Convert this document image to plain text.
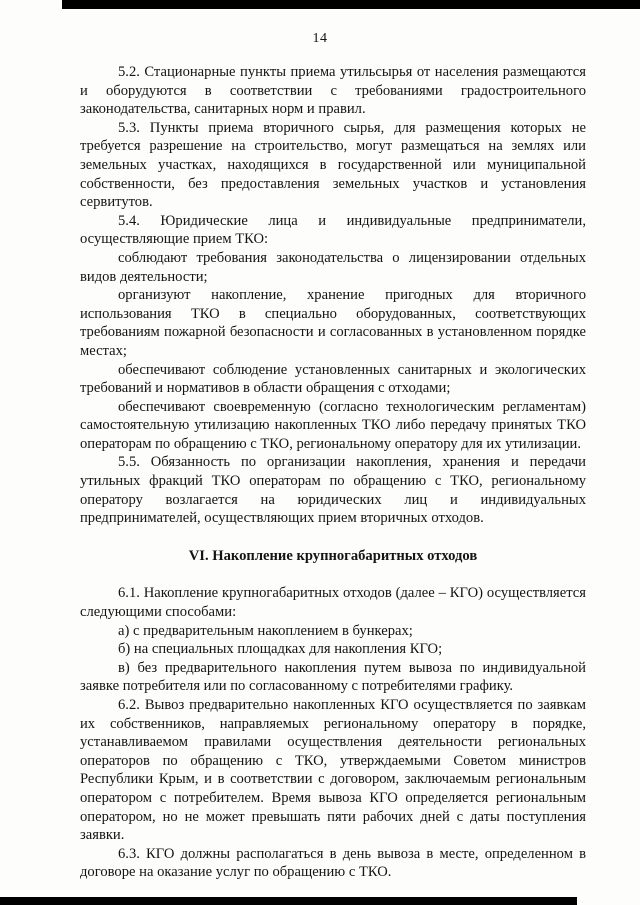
14

5.2. Стационарные пункты приема утильсырья от населения размещаются и оборудуются в соответствии с требованиями градостроительного законодательства, санитарных норм и правил.

5.3. Пункты приема вторичного сырья, для размещения которых не требуется разрешение на строительство, могут размещаться на землях или земельных участках, находящихся в государственной или муниципальной собственности, без предоставления земельных участков и установления сервитутов.

5.4. Юридические лица и индивидуальные предприниматели, осуществляющие прием ТКО:

соблюдают требования законодательства о лицензировании отдельных видов деятельности;

организуют накопление, хранение пригодных для вторичного использования ТКО в специально оборудованных, соответствующих требованиям пожарной безопасности и согласованных в установленном порядке местах;

обеспечивают соблюдение установленных санитарных и экологических требований и нормативов в области обращения с отходами;

обеспечивают своевременную (согласно технологическим регламентам) самостоятельную утилизацию накопленных ТКО либо передачу принятых ТКО операторам по обращению с ТКО, региональному оператору для их утилизации.

5.5. Обязанность по организации накопления, хранения и передачи утильных фракций ТКО операторам по обращению с ТКО, региональному оператору возлагается на юридических лиц и индивидуальных предпринимателей, осуществляющих прием вторичных отходов.

VI. Накопление крупногабаритных отходов

6.1. Накопление крупногабаритных отходов (далее – КГО) осуществляется следующими способами:

а) с предварительным накоплением в бункерах;

б) на специальных площадках для накопления КГО;

в) без предварительного накопления путем вывоза по индивидуальной заявке потребителя или по согласованному с потребителями графику.

6.2. Вывоз предварительно накопленных КГО осуществляется по заявкам их собственников, направляемых региональному оператору в порядке, устанавливаемом правилами осуществления деятельности региональных операторов по обращению с ТКО, утверждаемыми Советом министров Республики Крым, и в соответствии с договором, заключаемым региональным оператором с потребителем. Время вывоза КГО определяется региональным оператором, но не может превышать пяти рабочих дней с даты поступления заявки.

6.3. КГО должны располагаться в день вывоза в месте, определенном в договоре на оказание услуг по обращению с ТКО.
